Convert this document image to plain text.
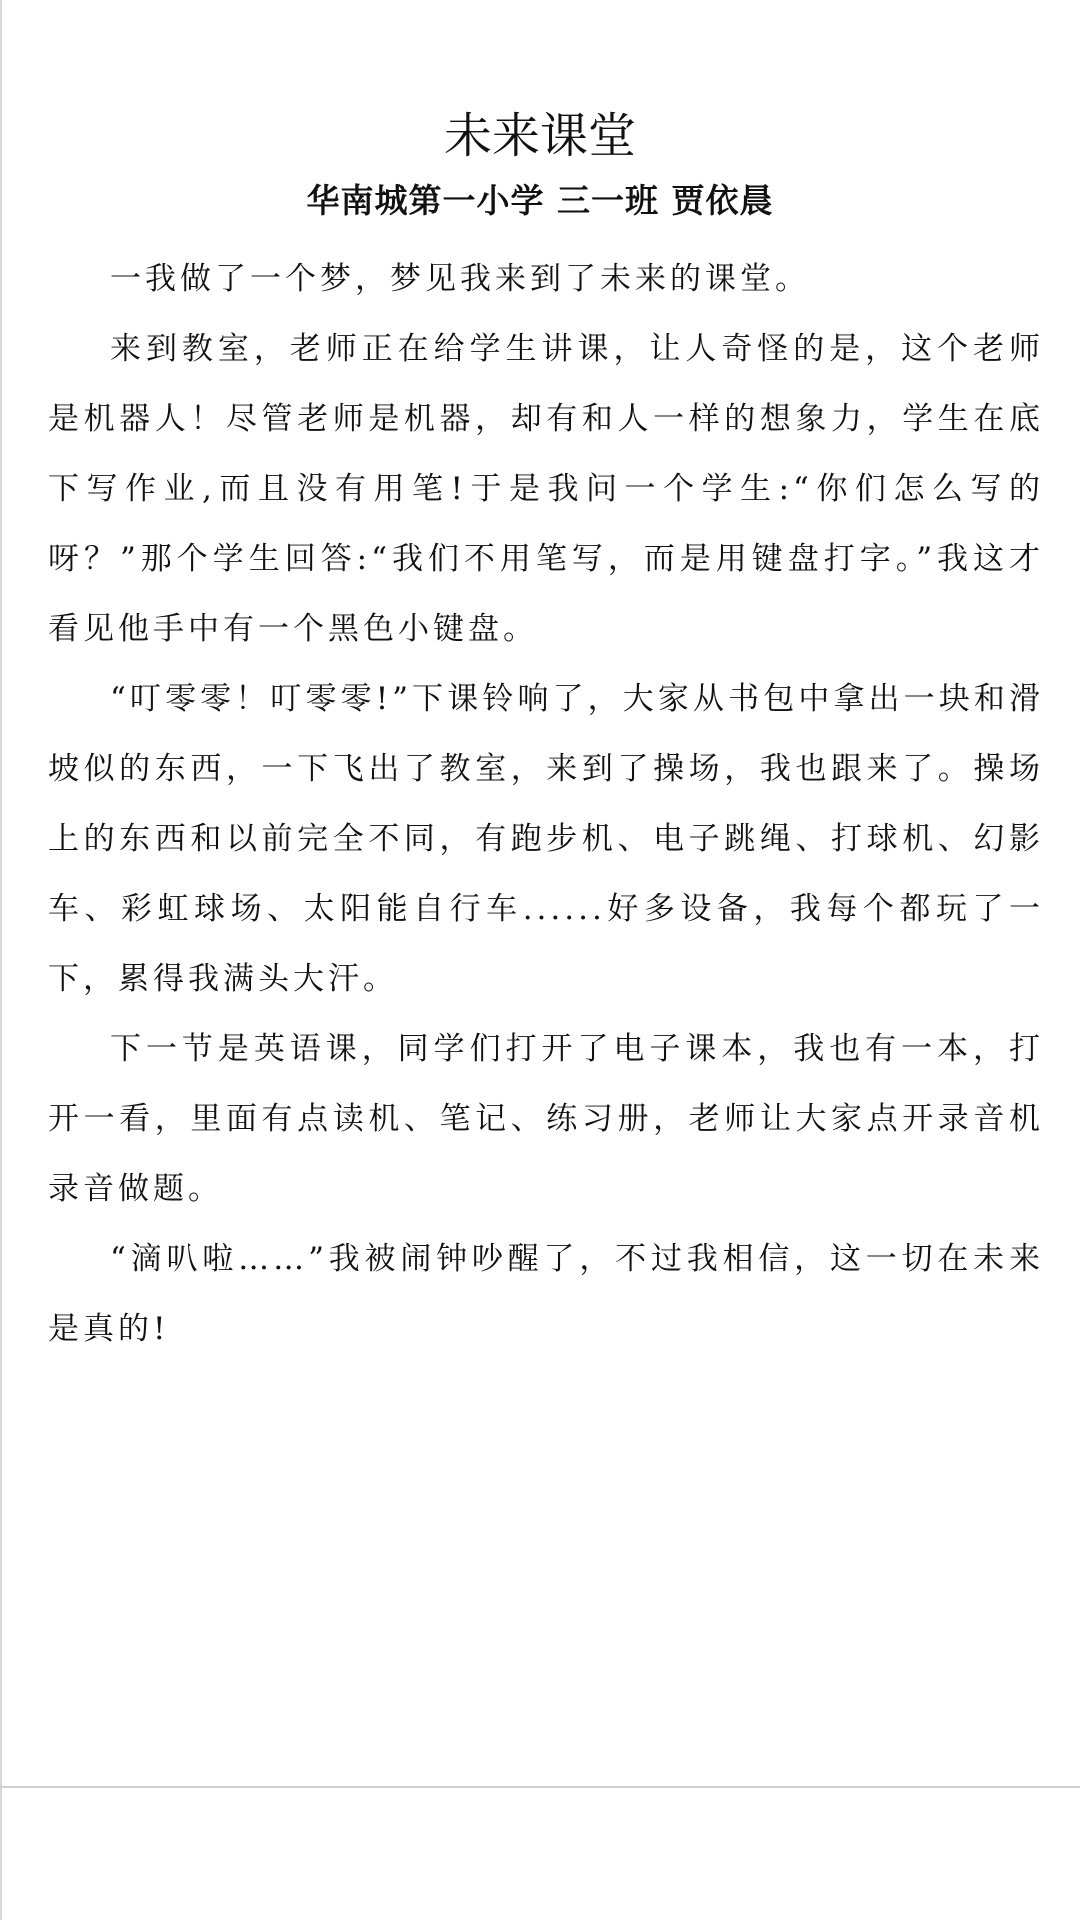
未来课堂
华南城第一小学 三一班 贾依晨

一我做了一个梦，梦见我来到了未来的课堂。

来到教室，老师正在给学生讲课，让人奇怪的是，这个老师是机器人！尽管老师是机器，却有和人一样的想象力，学生在底下写作业,而且没有用笔!于是我问一个学生:“你们怎么写的呀？”那个学生回答:“我们不用笔写，而是用键盘打字。”我这才看见他手中有一个黑色小键盘。

“叮零零！叮零零!”下课铃响了，大家从书包中拿出一块和滑坡似的东西，一下飞出了教室，来到了操场，我也跟来了。操场上的东西和以前完全不同，有跑步机、电子跳绳、打球机、幻影车、彩虹球场、太阳能自行车......好多设备，我每个都玩了一下，累得我满头大汗。

下一节是英语课，同学们打开了电子课本，我也有一本，打开一看，里面有点读机、笔记、练习册，老师让大家点开录音机录音做题。

“滴叭啦……”我被闹钟吵醒了，不过我相信，这一切在未来是真的!
